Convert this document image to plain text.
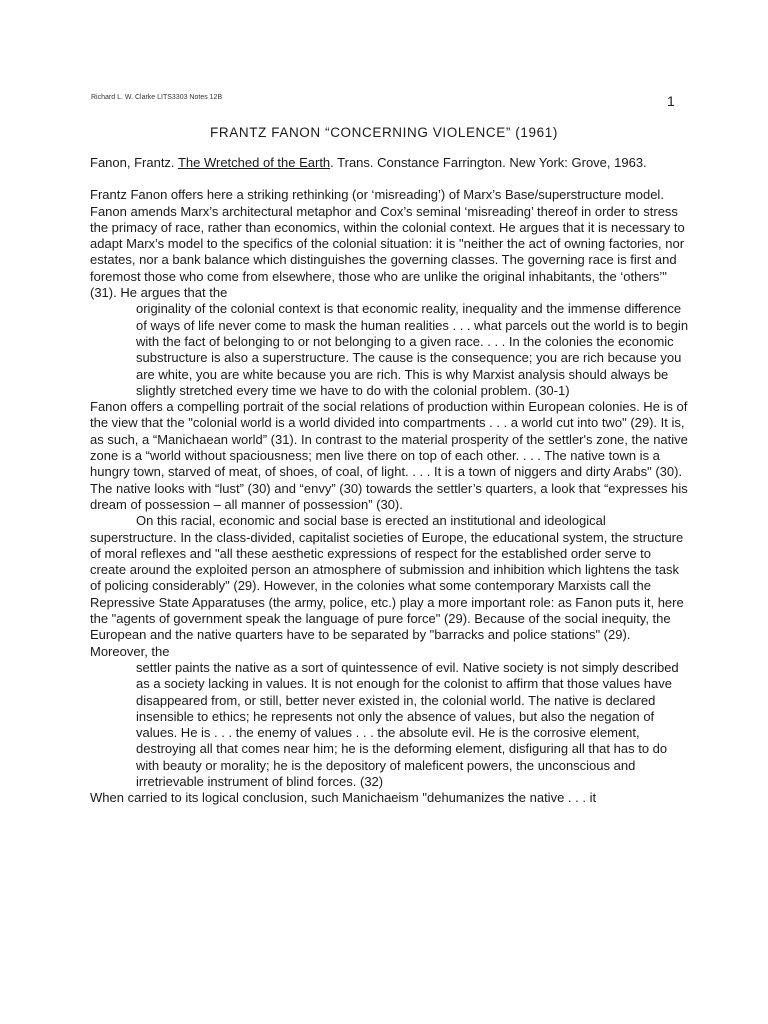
Richard L. W. Clarke LITS3303 Notes 12B	1
FRANTZ FANON “CONCERNING VIOLENCE” (1961)

Fanon, Frantz. The Wretched of the Earth. Trans. Constance Farrington. New York: Grove, 1963.

Frantz Fanon offers here a striking rethinking (or ‘misreading’) of Marx’s Base/superstructure model. Fanon amends Marx’s architectural metaphor and Cox’s seminal ‘misreading’ thereof in order to stress the primacy of race, rather than economics, within the colonial context. He argues that it is necessary to adapt Marx’s model to the specifics of the colonial situation: it is "neither the act of owning factories, nor estates, nor a bank balance which distinguishes the governing classes. The governing race is first and foremost those who come from elsewhere, those who are unlike the original inhabitants, the ‘others’" (31). He argues that the

originality of the colonial context is that economic reality, inequality and the immense difference of ways of life never come to mask the human realities . . . what parcels out the world is to begin with the fact of belonging to or not belonging to a given race. . . . In the colonies the economic substructure is also a superstructure. The cause is the consequence; you are rich because you are white, you are white because you are rich. This is why Marxist analysis should always be slightly stretched every time we have to do with the colonial problem. (30-1)

Fanon offers a compelling portrait of the social relations of production within European colonies. He is of the view that the "colonial world is a world divided into compartments . . . a world cut into two" (29). It is, as such, a “Manichaean world” (31). In contrast to the material prosperity of the settler's zone, the native zone is a “world without spaciousness; men live there on top of each other. . . . The native town is a hungry town, starved of meat, of shoes, of coal, of light. . . . It is a town of niggers and dirty Arabs" (30). The native looks with “lust” (30) and “envy” (30) towards the settler’s quarters, a look that “expresses his dream of possession – all manner of possession” (30).

On this racial, economic and social base is erected an institutional and ideological superstructure. In the class-divided, capitalist societies of Europe, the educational system, the structure of moral reflexes and "all these aesthetic expressions of respect for the established order serve to create around the exploited person an atmosphere of submission and inhibition which lightens the task of policing considerably" (29). However, in the colonies what some contemporary Marxists call the Repressive State Apparatuses (the army, police, etc.) play a more important role: as Fanon puts it, here the "agents of government speak the language of pure force" (29). Because of the social inequity, the European and the native quarters have to be separated by "barracks and police stations" (29). Moreover, the

settler paints the native as a sort of quintessence of evil. Native society is not simply described as a society lacking in values. It is not enough for the colonist to affirm that those values have disappeared from, or still, better never existed in, the colonial world. The native is declared insensible to ethics; he represents not only the absence of values, but also the negation of values. He is . . . the enemy of values . . . the absolute evil. He is the corrosive element, destroying all that comes near him; he is the deforming element, disfiguring all that has to do with beauty or morality; he is the depository of maleficent powers, the unconscious and irretrievable instrument of blind forces. (32)

When carried to its logical conclusion, such Manichaeism "dehumanizes the native . . . it
